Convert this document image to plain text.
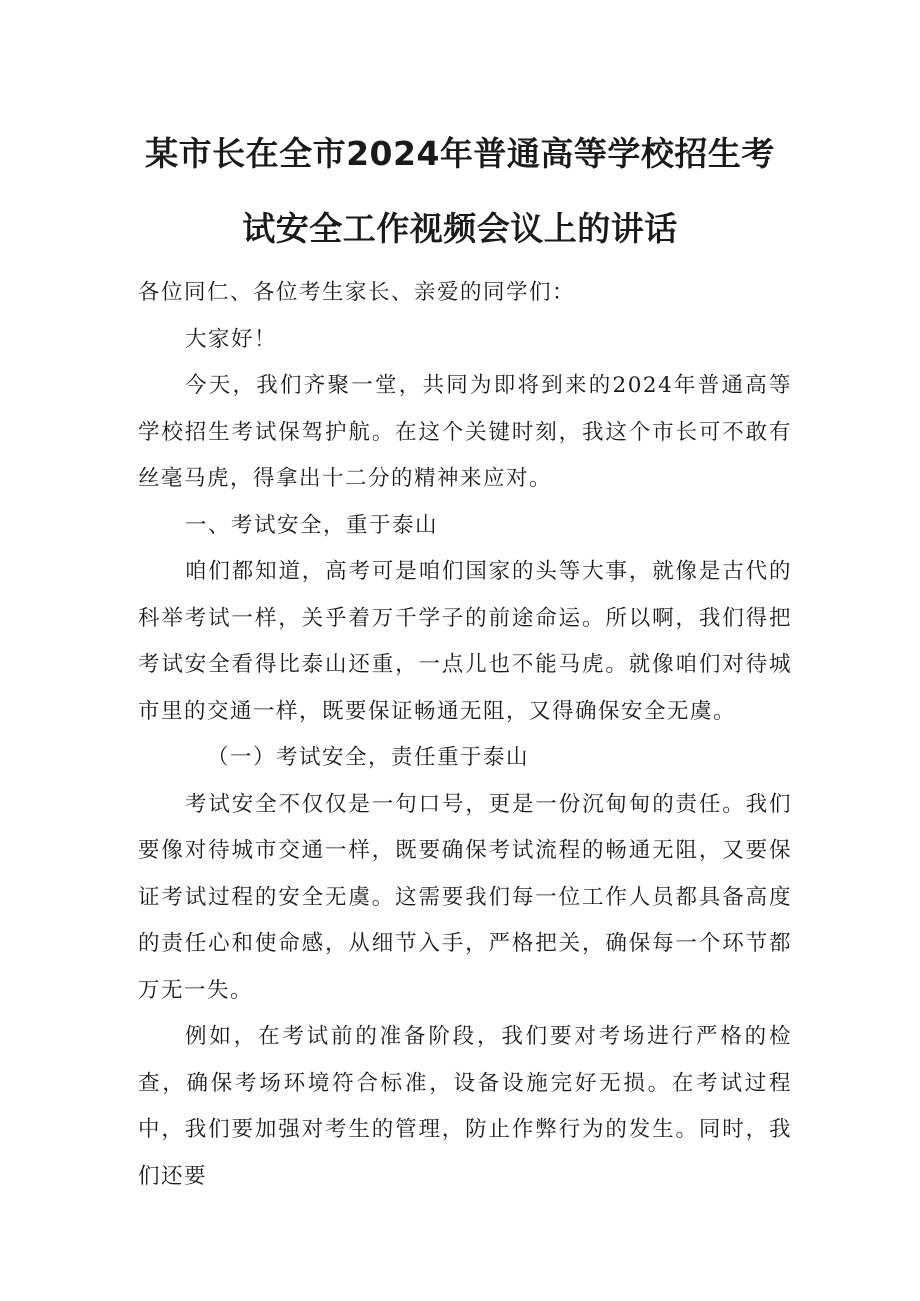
某市长在全市2024年普通高等学校招生考
试安全工作视频会议上的讲话

各位同仁、各位考生家长、亲爱的同学们：

大家好！

今天，我们齐聚一堂，共同为即将到来的2024年普通高等学校招生考试保驾护航。在这个关键时刻，我这个市长可不敢有丝毫马虎，得拿出十二分的精神来应对。

一、考试安全，重于泰山

咱们都知道，高考可是咱们国家的头等大事，就像是古代的科举考试一样，关乎着万千学子的前途命运。所以啊，我们得把考试安全看得比泰山还重，一点儿也不能马虎。就像咱们对待城市里的交通一样，既要保证畅通无阻，又得确保安全无虞。

（一）考试安全，责任重于泰山

考试安全不仅仅是一句口号，更是一份沉甸甸的责任。我们要像对待城市交通一样，既要确保考试流程的畅通无阻，又要保证考试过程的安全无虞。这需要我们每一位工作人员都具备高度的责任心和使命感，从细节入手，严格把关，确保每一个环节都万无一失。

例如，在考试前的准备阶段，我们要对考场进行严格的检查，确保考场环境符合标准，设备设施完好无损。在考试过程中，我们要加强对考生的管理，防止作弊行为的发生。同时，我们还要
